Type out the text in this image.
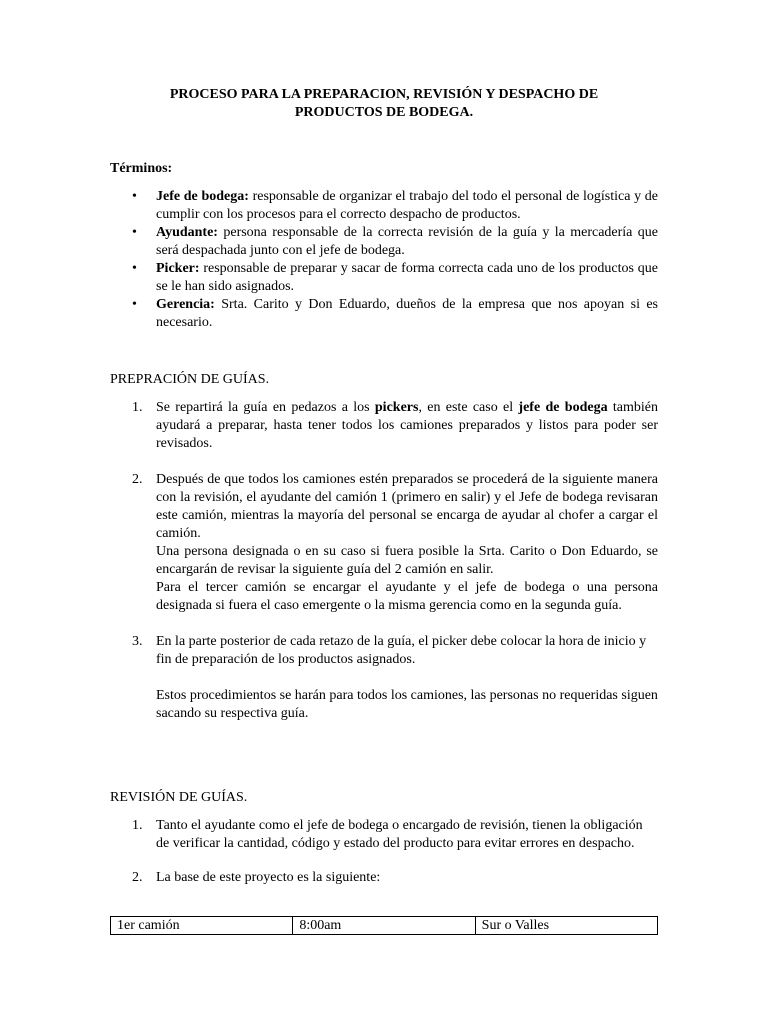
PROCESO PARA LA PREPARACION, REVISIÓN Y DESPACHO DE
PRODUCTOS DE BODEGA.

Términos:

• Jefe de bodega: responsable de organizar el trabajo del todo el personal de logística y de cumplir con los procesos para el correcto despacho de productos.
• Ayudante: persona responsable de la correcta revisión de la guía y la mercadería que será despachada junto con el jefe de bodega.
• Picker: responsable de preparar y sacar de forma correcta cada uno de los productos que se le han sido asignados.
• Gerencia: Srta. Carito y Don Eduardo, dueños de la empresa que nos apoyan si es necesario.

PREPRACIÓN DE GUÍAS.

1. Se repartirá la guía en pedazos a los pickers, en este caso el jefe de bodega también ayudará a preparar, hasta tener todos los camiones preparados y listos para poder ser revisados.
2. Después de que todos los camiones estén preparados se procederá de la siguiente manera con la revisión, el ayudante del camión 1 (primero en salir) y el Jefe de bodega revisaran este camión, mientras la mayoría del personal se encarga de ayudar al chofer a cargar el camión.

Una persona designada o en su caso si fuera posible la Srta. Carito o Don Eduardo, se encargarán de revisar la siguiente guía del 2 camión en salir.

Para el tercer camión se encargar el ayudante y el jefe de bodega o una persona designada si fuera el caso emergente o la misma gerencia como en la segunda guía.

3. En la parte posterior de cada retazo de la guía, el picker debe colocar la hora de inicio y fin de preparación de los productos asignados.

Estos procedimientos se harán para todos los camiones, las personas no requeridas siguen sacando su respectiva guía.

REVISIÓN DE GUÍAS.

1. Tanto el ayudante como el jefe de bodega o encargado de revisión, tienen la obligación de verificar la cantidad, código y estado del producto para evitar errores en despacho.

2. La base de este proyecto es la siguiente:

1er camión	8:00am	Sur o Valles
